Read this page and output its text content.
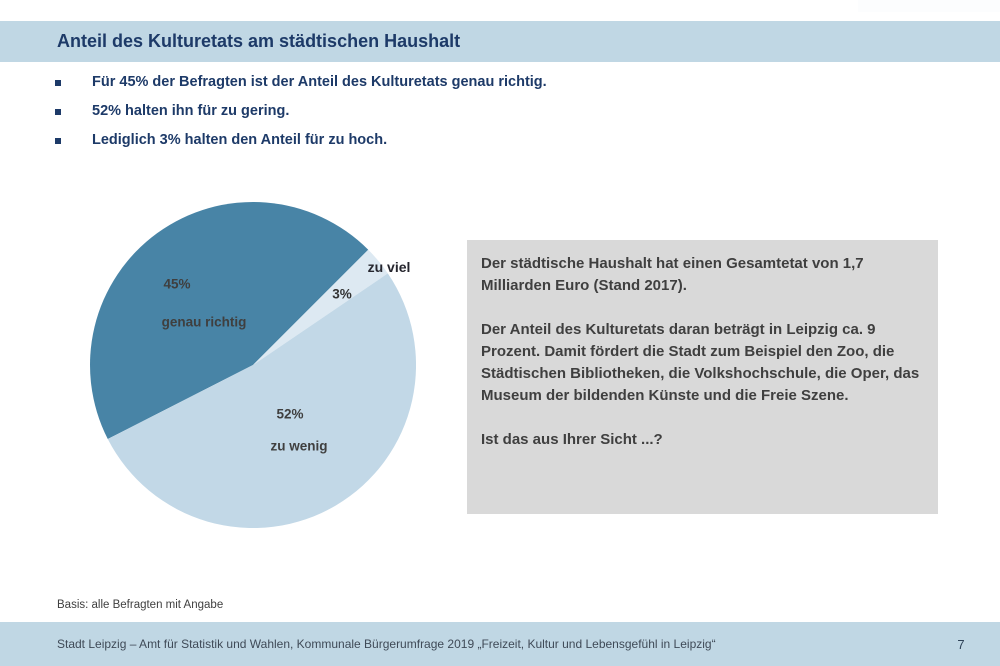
Anteil des Kulturetats am städtischen Haushalt
Für 45% der Befragten ist der Anteil des Kulturetats genau richtig.
52% halten ihn für zu gering.
Lediglich 3% halten den Anteil für zu hoch.
45%
genau richtig
3%
zu viel
52%
zu wenig

Der städtische Haushalt hat einen Gesamtetat von 1,7 Milliarden Euro (Stand 2017).

Der Anteil des Kulturetats daran beträgt in Leipzig ca. 9 Prozent. Damit fördert die Stadt zum Beispiel den Zoo, die Städtischen Bibliotheken, die Volkshochschule, die Oper, das Museum der bildenden Künste und die Freie Szene.

Ist das aus Ihrer Sicht ...?

Basis: alle Befragten mit Angabe
Stadt Leipzig – Amt für Statistik und Wahlen, Kommunale Bürgerumfrage 2019 „Freizeit, Kultur und Lebensgefühl in Leipzig“	7
